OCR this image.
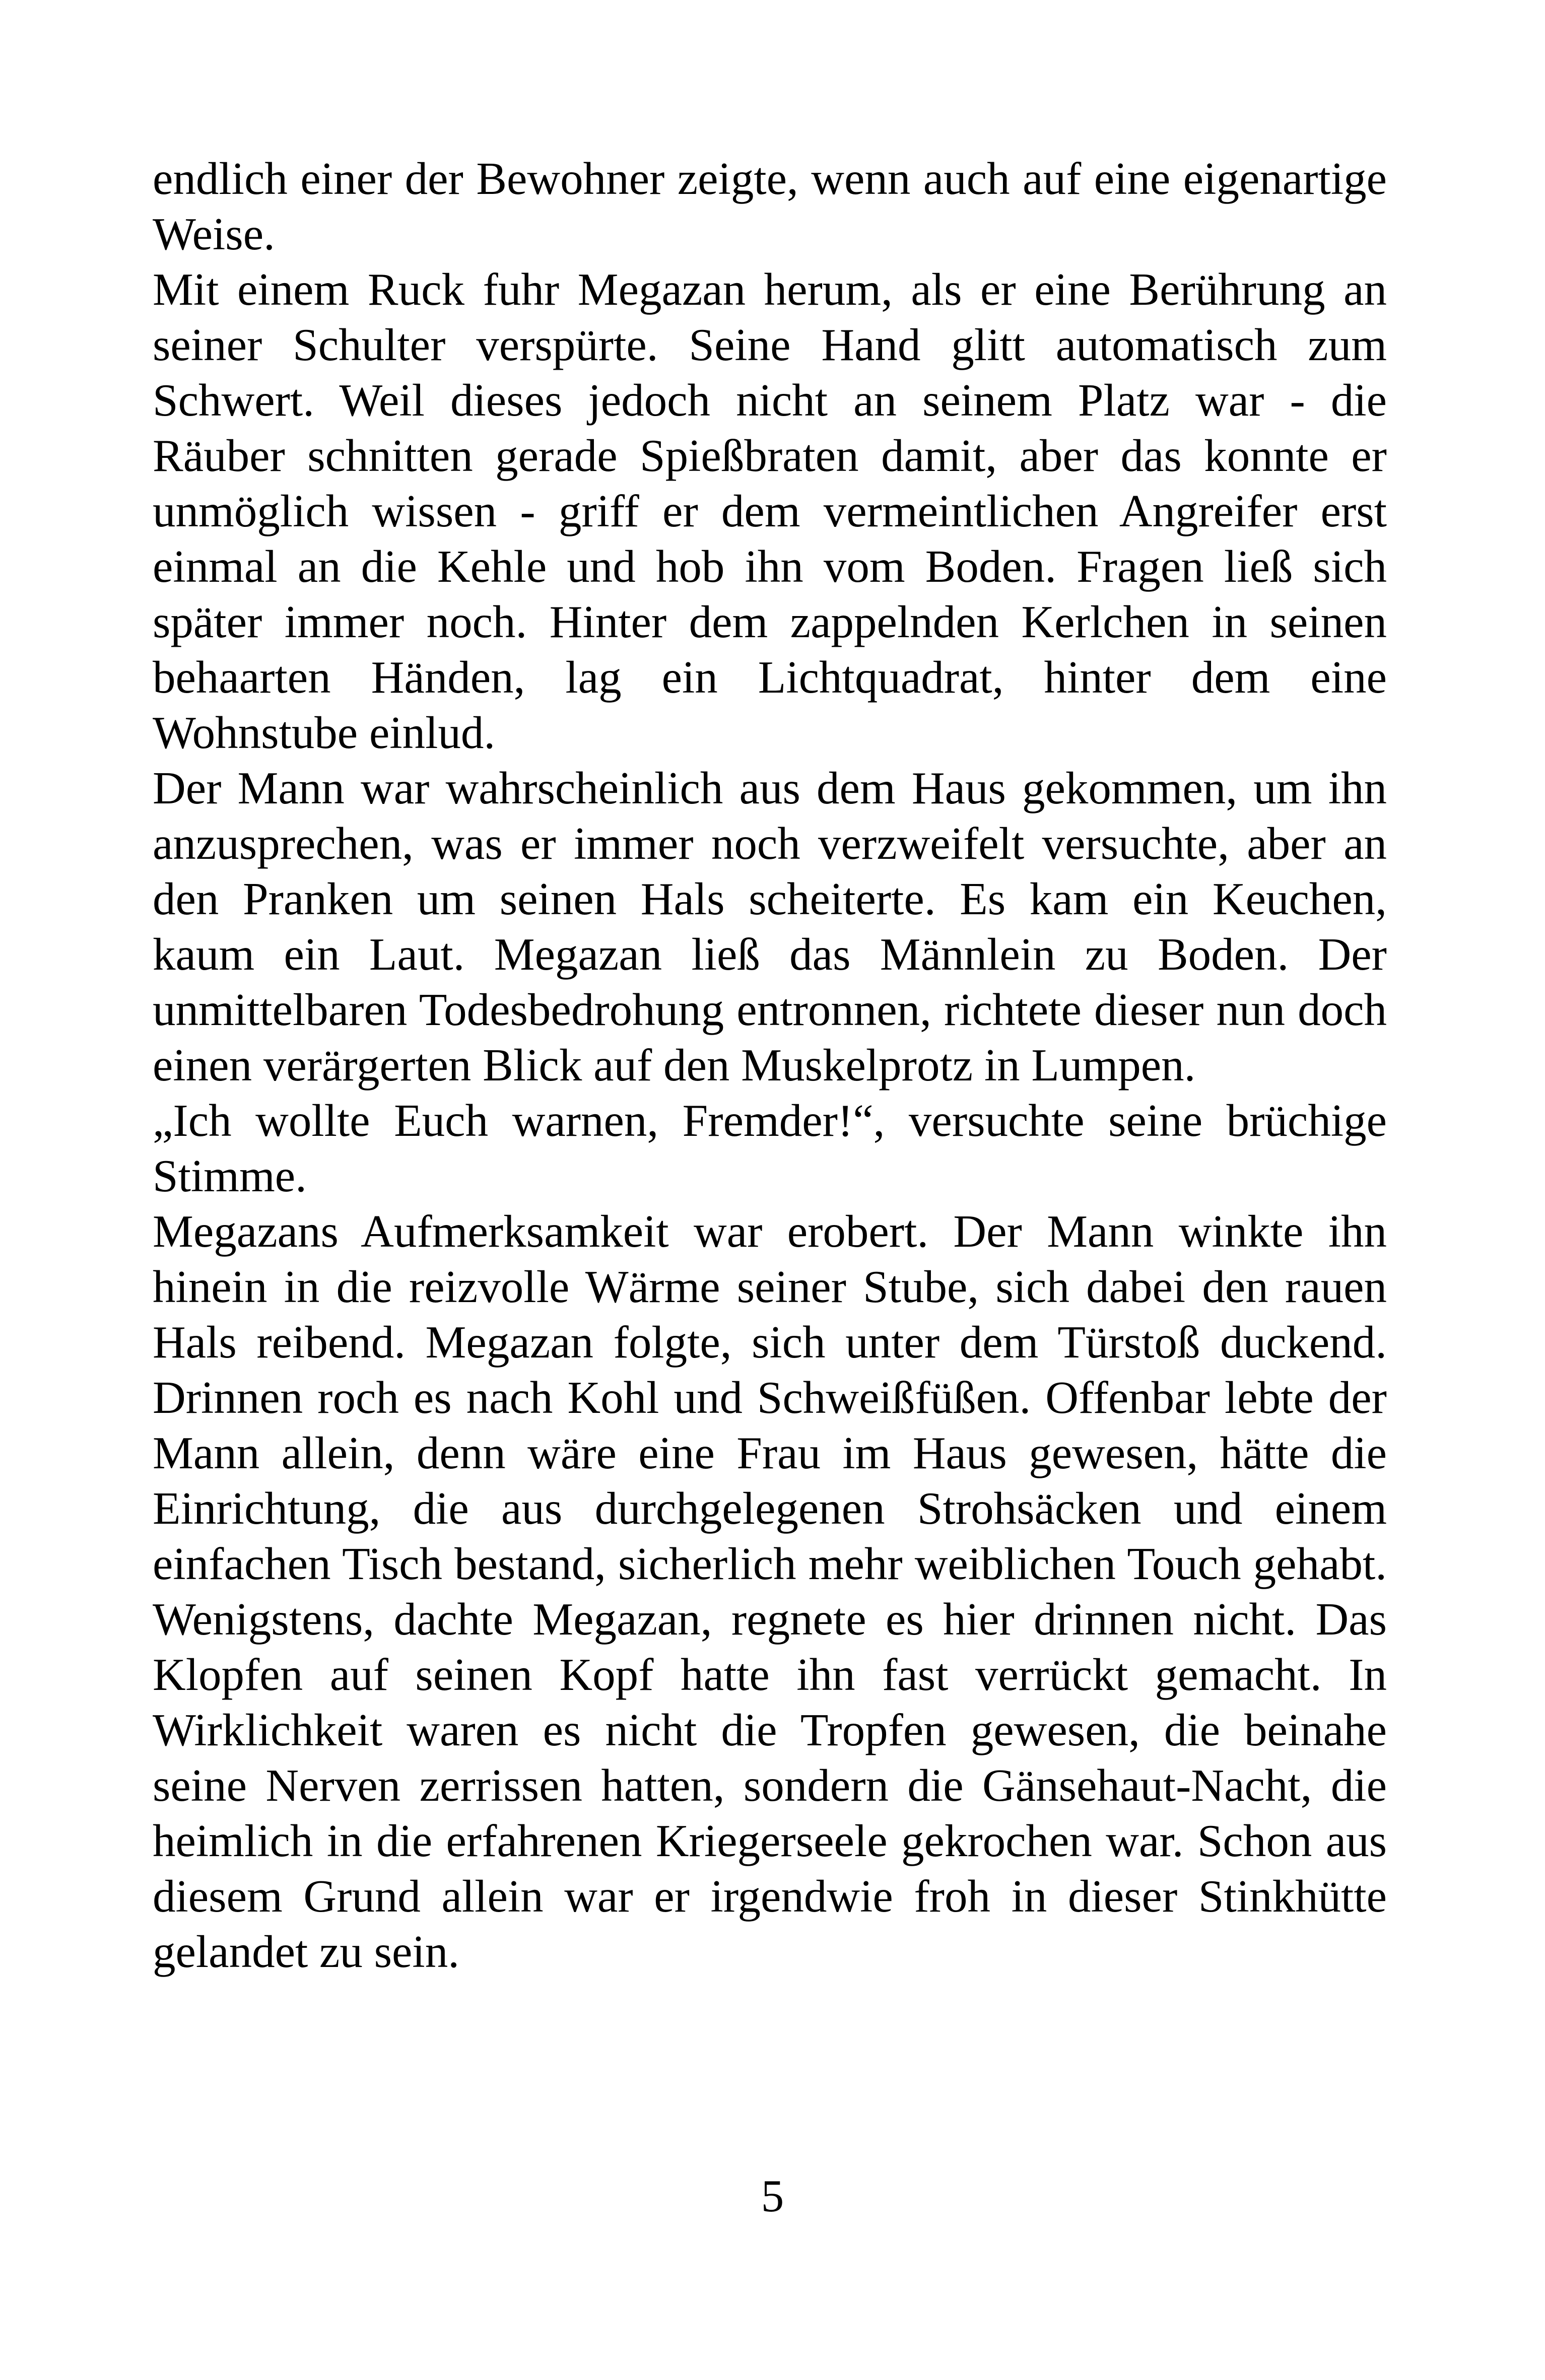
endlich einer der Bewohner zeigte, wenn auch auf eine eigenartige Weise.

Mit einem Ruck fuhr Megazan herum, als er eine Berührung an seiner Schulter verspürte. Seine Hand glitt automatisch zum Schwert. Weil dieses jedoch nicht an seinem Platz war - die Räuber schnitten gerade Spießbraten damit, aber das konnte er unmöglich wissen - griff er dem vermeintlichen Angreifer erst einmal an die Kehle und hob ihn vom Boden. Fragen ließ sich später immer noch. Hinter dem zappelnden Kerlchen in seinen behaarten Händen, lag ein Lichtquadrat, hinter dem eine Wohnstube einlud.

Der Mann war wahrscheinlich aus dem Haus gekommen, um ihn anzusprechen, was er immer noch verzweifelt versuchte, aber an den Pranken um seinen Hals scheiterte. Es kam ein Keuchen, kaum ein Laut. Megazan ließ das Männlein zu Boden. Der unmittelbaren Todesbedrohung entronnen, richtete dieser nun doch einen verärgerten Blick auf den Muskelprotz in Lumpen.

„Ich wollte Euch warnen, Fremder!“, versuchte seine brüchige Stimme.

Megazans Aufmerksamkeit war erobert. Der Mann winkte ihn hinein in die reizvolle Wärme seiner Stube, sich dabei den rauen Hals reibend. Megazan folgte, sich unter dem Türstoß duckend. Drinnen roch es nach Kohl und Schweißfüßen. Offenbar lebte der Mann allein, denn wäre eine Frau im Haus gewesen, hätte die Einrichtung, die aus durchgelegenen Strohsäcken und einem einfachen Tisch bestand, sicherlich mehr weiblichen Touch gehabt. Wenigstens, dachte Megazan, regnete es hier drinnen nicht. Das Klopfen auf seinen Kopf hatte ihn fast verrückt gemacht. In Wirklichkeit waren es nicht die Tropfen gewesen, die beinahe seine Nerven zerrissen hatten, sondern die Gänsehaut-Nacht, die heimlich in die erfahrenen Kriegerseele gekrochen war. Schon aus diesem Grund allein war er irgendwie froh in dieser Stinkhütte gelandet zu sein.

5
